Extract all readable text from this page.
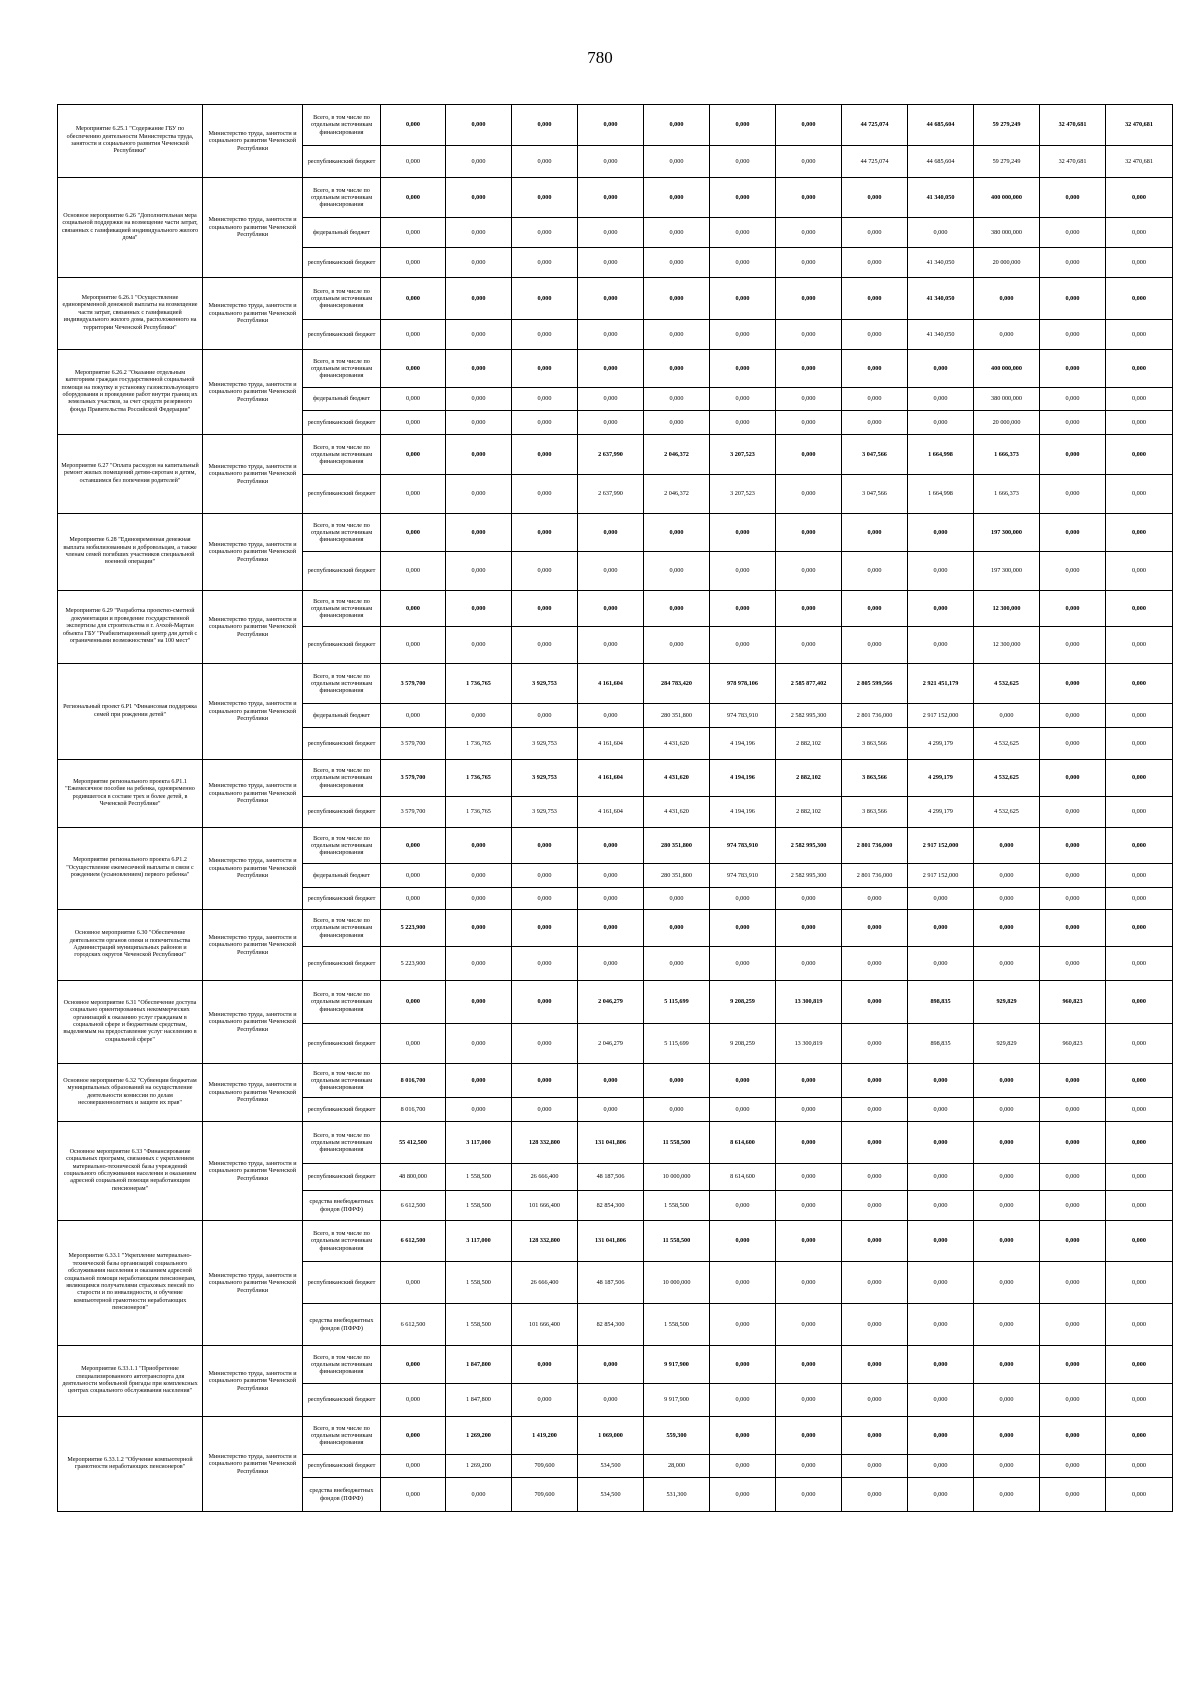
780
Мероприятие 6.25.1 "Содержание ГБУ по обеспечению деятельности Министерства труда, занятости и социального развития Чеченской Республики"	Министерство труда, занятости и социального развития Чеченской Республики	Всего, в том числе по отдельным источникам финансирования	0,000	0,000	0,000	0,000	0,000	0,000	0,000	44 725,074	44 685,604	59 279,249	32 470,681	32 470,681
		республиканский бюджет	0,000	0,000	0,000	0,000	0,000	0,000	0,000	44 725,074	44 685,604	59 279,249	32 470,681	32 470,681
Основное мероприятие 6.26 "Дополнительная мера социальной поддержки на возмещение части затрат, связанных с газификацией индивидуального жилого дома"	Министерство труда, занятости и социального развития Чеченской Республики	Всего, в том числе по отдельным источникам финансирования	0,000	0,000	0,000	0,000	0,000	0,000	0,000	0,000	41 340,050	400 000,000	0,000	0,000
		федеральный бюджет	0,000	0,000	0,000	0,000	0,000	0,000	0,000	0,000	0,000	380 000,000	0,000	0,000
		республиканский бюджет	0,000	0,000	0,000	0,000	0,000	0,000	0,000	0,000	41 340,050	20 000,000	0,000	0,000
Мероприятие 6.26.1 "Осуществление единовременной денежной выплаты на возмещение части затрат, связанных с газификацией индивидуального жилого дома, расположенного на территории Чеченской Республики"	Министерство труда, занятости и социального развития Чеченской Республики	Всего, в том числе по отдельным источникам финансирования	0,000	0,000	0,000	0,000	0,000	0,000	0,000	0,000	41 340,050	0,000	0,000	0,000
		республиканский бюджет	0,000	0,000	0,000	0,000	0,000	0,000	0,000	0,000	41 340,050	0,000	0,000	0,000
Мероприятие 6.26.2 "Оказание отдельным категориям граждан государственной социальной помощи на покупку и установку газоиспользующего оборудования и проведение работ внутри границ их земельных участков, за счет средств резервного фонда Правительства Российской Федерации"	Министерство труда, занятости и социального развития Чеченской Республики	Всего, в том числе по отдельным источникам финансирования	0,000	0,000	0,000	0,000	0,000	0,000	0,000	0,000	0,000	400 000,000	0,000	0,000
		федеральный бюджет	0,000	0,000	0,000	0,000	0,000	0,000	0,000	0,000	0,000	380 000,000	0,000	0,000
		республиканский бюджет	0,000	0,000	0,000	0,000	0,000	0,000	0,000	0,000	0,000	20 000,000	0,000	0,000
Мероприятие 6.27 "Оплата расходов на капитальный ремонт жилых помещений детям-сиротам и детям, оставшимся без попечения родителей"	Министерство труда, занятости и социального развития Чеченской Республики	Всего, в том числе по отдельным источникам финансирования	0,000	0,000	0,000	2 637,990	2 046,372	3 207,523	0,000	3 047,566	1 664,998	1 666,373	0,000	0,000
		республиканский бюджет	0,000	0,000	0,000	2 637,990	2 046,372	3 207,523	0,000	3 047,566	1 664,998	1 666,373	0,000	0,000
Мероприятие 6.28 "Единовременная денежная выплата мобилизованным и добровольцам, а также членам семей погибших участников специальной военной операции"	Министерство труда, занятости и социального развития Чеченской Республики	Всего, в том числе по отдельным источникам финансирования	0,000	0,000	0,000	0,000	0,000	0,000	0,000	0,000	0,000	197 300,000	0,000	0,000
		республиканский бюджет	0,000	0,000	0,000	0,000	0,000	0,000	0,000	0,000	0,000	197 300,000	0,000	0,000
Мероприятие 6.29 "Разработка проектно-сметной документации и проведение государственной экспертизы для строительства в г. Ачхой-Мартан объекта ГБУ "Реабилитационный центр для детей с ограниченными возможностями" на 100 мест"	Министерство труда, занятости и социального развития Чеченской Республики	Всего, в том числе по отдельным источникам финансирования	0,000	0,000	0,000	0,000	0,000	0,000	0,000	0,000	0,000	12 300,000	0,000	0,000
		республиканский бюджет	0,000	0,000	0,000	0,000	0,000	0,000	0,000	0,000	0,000	12 300,000	0,000	0,000
Региональный проект 6.Р1 "Финансовая поддержка семей при рождении детей"	Министерство труда, занятости и социального развития Чеченской Республики	Всего, в том числе по отдельным источникам финансирования	3 579,700	1 736,765	3 929,753	4 161,604	284 783,420	978 978,106	2 585 877,402	2 805 599,566	2 921 451,179	4 532,625	0,000	0,000
		федеральный бюджет	0,000	0,000	0,000	0,000	280 351,800	974 783,910	2 582 995,300	2 801 736,000	2 917 152,000	0,000	0,000	0,000
		республиканский бюджет	3 579,700	1 736,765	3 929,753	4 161,604	4 431,620	4 194,196	2 882,102	3 863,566	4 299,179	4 532,625	0,000	0,000
Мероприятие регионального проекта 6.Р1.1 "Ежемесячное пособие на ребенка, одновременно родившегося в составе трех и более детей, в Чеченской Республике"	Министерство труда, занятости и социального развития Чеченской Республики	Всего, в том числе по отдельным источникам финансирования	3 579,700	1 736,765	3 929,753	4 161,604	4 431,620	4 194,196	2 882,102	3 863,566	4 299,179	4 532,625	0,000	0,000
		республиканский бюджет	3 579,700	1 736,765	3 929,753	4 161,604	4 431,620	4 194,196	2 882,102	3 863,566	4 299,179	4 532,625	0,000	0,000
Мероприятие регионального проекта 6.Р1.2 "Осуществление ежемесячной выплаты в связи с рождением (усыновлением) первого ребенка"	Министерство труда, занятости и социального развития Чеченской Республики	Всего, в том числе по отдельным источникам финансирования	0,000	0,000	0,000	0,000	280 351,800	974 783,910	2 582 995,300	2 801 736,000	2 917 152,000	0,000	0,000	0,000
		федеральный бюджет	0,000	0,000	0,000	0,000	280 351,800	974 783,910	2 582 995,300	2 801 736,000	2 917 152,000	0,000	0,000	0,000
		республиканский бюджет	0,000	0,000	0,000	0,000	0,000	0,000	0,000	0,000	0,000	0,000	0,000	0,000
Основное мероприятие 6.30 "Обеспечение деятельности органов опеки и попечительства Администраций муниципальных районов и городских округов Чеченской Республики"	Министерство труда, занятости и социального развития Чеченской Республики	Всего, в том числе по отдельным источникам финансирования	5 223,900	0,000	0,000	0,000	0,000	0,000	0,000	0,000	0,000	0,000	0,000	0,000
		республиканский бюджет	5 223,900	0,000	0,000	0,000	0,000	0,000	0,000	0,000	0,000	0,000	0,000	0,000
Основное мероприятие 6.31 "Обеспечение доступа социально ориентированных некоммерческих организаций к оказанию услуг гражданам в социальной сфере и бюджетным средствам, выделяемым на предоставление услуг населению в социальной сфере"	Министерство труда, занятости и социального развития Чеченской Республики	Всего, в том числе по отдельным источникам финансирования	0,000	0,000	0,000	2 046,279	5 115,699	9 208,259	13 300,819	0,000	898,835	929,829	960,823	0,000
		республиканский бюджет	0,000	0,000	0,000	2 046,279	5 115,699	9 208,259	13 300,819	0,000	898,835	929,829	960,823	0,000
Основное мероприятие 6.32 "Субвенции бюджетам муниципальных образований на осуществление деятельности комиссии по делам несовершеннолетних и защите их прав"	Министерство труда, занятости и социального развития Чеченской Республики	Всего, в том числе по отдельным источникам финансирования	8 016,700	0,000	0,000	0,000	0,000	0,000	0,000	0,000	0,000	0,000	0,000	0,000
		республиканский бюджет	8 016,700	0,000	0,000	0,000	0,000	0,000	0,000	0,000	0,000	0,000	0,000	0,000
Основное мероприятие 6.33 "Финансирование социальных программ, связанных с укреплением материально-технической базы учреждений социального обслуживания населения и оказанием адресной социальной помощи неработающим пенсионерам"	Министерство труда, занятости и социального развития Чеченской Республики	Всего, в том числе по отдельным источникам финансирования	55 412,500	3 117,000	128 332,800	131 041,806	11 558,500	8 614,600	0,000	0,000	0,000	0,000	0,000	0,000
		республиканский бюджет	48 800,000	1 558,500	26 666,400	48 187,506	10 000,000	8 614,600	0,000	0,000	0,000	0,000	0,000	0,000
		средства внебюджетных фондов (ПФРФ)	6 612,500	1 558,500	101 666,400	82 854,300	1 558,500	0,000	0,000	0,000	0,000	0,000	0,000	0,000
Мероприятие 6.33.1 "Укрепление материально-технической базы организаций социального обслуживания населения и оказанием адресной социальной помощи неработающим пенсионерам, являющимся получателями страховых пенсий по старости и по инвалидности, и обучение компьютерной грамотности неработающих пенсионеров"	Министерство труда, занятости и социального развития Чеченской Республики	Всего, в том числе по отдельным источникам финансирования	6 612,500	3 117,000	128 332,800	131 041,806	11 558,500	0,000	0,000	0,000	0,000	0,000	0,000	0,000
		республиканский бюджет	0,000	1 558,500	26 666,400	48 187,506	10 000,000	0,000	0,000	0,000	0,000	0,000	0,000	0,000
		средства внебюджетных фондов (ПФРФ)	6 612,500	1 558,500	101 666,400	82 854,300	1 558,500	0,000	0,000	0,000	0,000	0,000	0,000	0,000
Мероприятие 6.33.1.1 "Приобретение специализированного автотранспорта для деятельности мобильной бригады при комплексных центрах социального обслуживания населения"	Министерство труда, занятости и социального развития Чеченской Республики	Всего, в том числе по отдельным источникам финансирования	0,000	1 847,800	0,000	0,000	9 917,900	0,000	0,000	0,000	0,000	0,000	0,000	0,000
		республиканский бюджет	0,000	1 847,800	0,000	0,000	9 917,900	0,000	0,000	0,000	0,000	0,000	0,000	0,000
Мероприятие 6.33.1.2 "Обучение компьютерной грамотности неработающих пенсионеров"	Министерство труда, занятости и социального развития Чеченской Республики	Всего, в том числе по отдельным источникам финансирования	0,000	1 269,200	1 419,200	1 069,000	559,300	0,000	0,000	0,000	0,000	0,000	0,000	0,000
		республиканский бюджет	0,000	1 269,200	709,600	534,500	28,000	0,000	0,000	0,000	0,000	0,000	0,000	0,000
		средства внебюджетных фондов (ПФРФ)	0,000	0,000	709,600	534,500	531,300	0,000	0,000	0,000	0,000	0,000	0,000	0,000
